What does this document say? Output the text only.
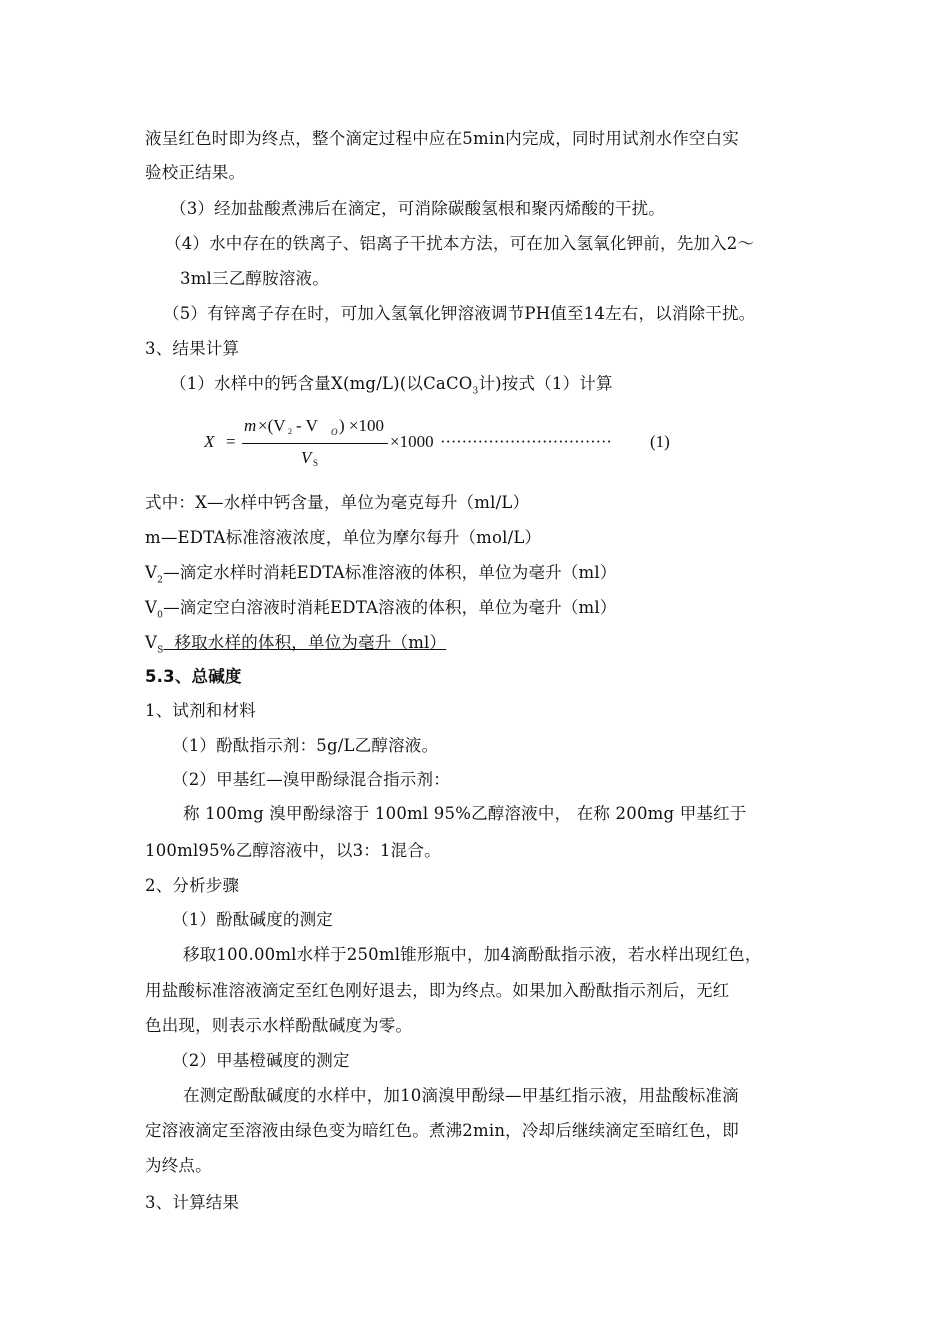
液呈红色时即为终点，整个滴定过程中应在5min内完成，同时用试剂水作空白实
验校正结果。
（3）经加盐酸煮沸后在滴定，可消除碳酸氢根和聚丙烯酸的干扰。
（4）水中存在的铁离子、铝离子干扰本方法，可在加入氢氧化钾前，先加入2～
3ml三乙醇胺溶液。
（5）有锌离子存在时，可加入氢氧化钾溶液调节PH值至14左右，以消除干扰。
3、结果计算
（1）水样中的钙含量X(mg/L)(以CaCO$_3$计)按式（1）计算
X =
m ×(V 2 - V O ) ×100
V S
×1000 ································ (1)
式中：X—水样中钙含量，单位为毫克每升（ml/L）
m—EDTA标准溶液浓度，单位为摩尔每升（mol/L）
$V_2—$滴定水样时消耗EDTA标准溶液的体积，单位为毫升（ml）
$V_0—$滴定空白溶液时消耗EDTA溶液的体积，单位为毫升（ml）
$V_S$  移取水样的体积，单位为毫升（ml）
5.3、总碱度
1、试剂和材料
（1）酚酞指示剂：5g/L乙醇溶液。
（2）甲基红—溴甲酚绿混合指示剂：
称 100mg 溴甲酚绿溶于 100ml 95%乙醇溶液中， 在称 200mg 甲基红于
100ml95%乙醇溶液中，以3：1混合。
2、分析步骤
（1）酚酞碱度的测定
移取100.00ml水样于250ml锥形瓶中，加4滴酚酞指示液，若水样出现红色，
用盐酸标准溶液滴定至红色刚好退去，即为终点。如果加入酚酞指示剂后，无红
色出现，则表示水样酚酞碱度为零。
（2）甲基橙碱度的测定
在测定酚酞碱度的水样中，加10滴溴甲酚绿—甲基红指示液，用盐酸标准滴
定溶液滴定至溶液由绿色变为暗红色。煮沸2min，冷却后继续滴定至暗红色，即
为终点。
3、计算结果
